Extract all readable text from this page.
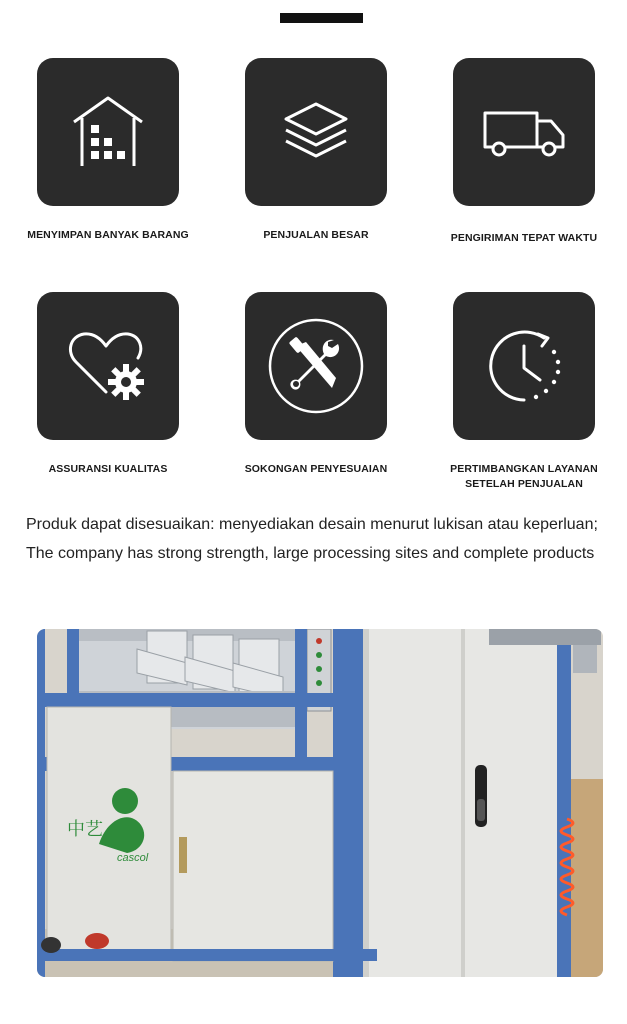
MENYIMPAN BANYAK BARANG	PENJUALAN BESAR	PENGIRIMAN TEPAT WAKTU
ASSURANSI KUALITAS	SOKONGAN PENYESUAIAN	PERTIMBANGKAN LAYANAN
SETELAH PENJUALAN
Produk dapat disesuaikan: menyediakan desain menurut lukisan atau keperluan;
The company has strong strength, large processing sites and complete products
中艺
cascol
